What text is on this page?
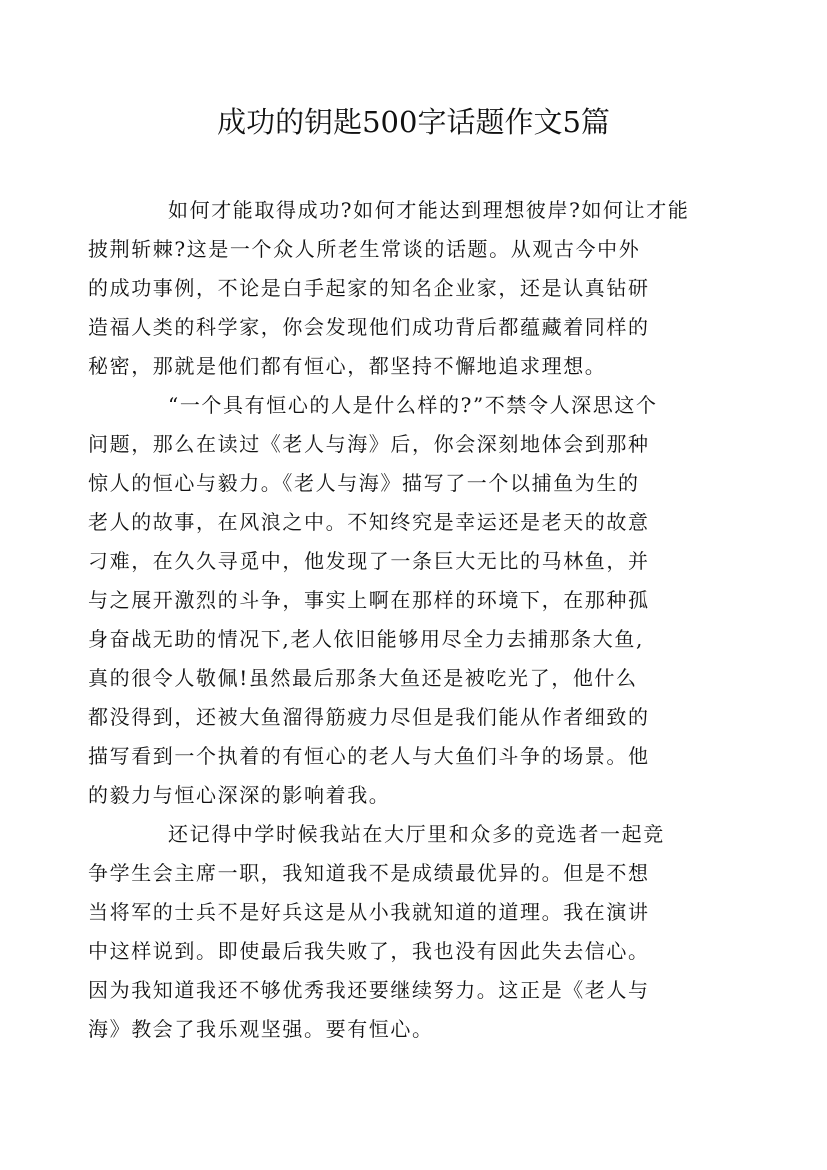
成功的钥匙500字话题作文5篇

如何才能取得成功?如何才能达到理想彼岸?如何让才能
披荆斩棘?这是一个众人所老生常谈的话题。从观古今中外
的成功事例，不论是白手起家的知名企业家，还是认真钻研
造福人类的科学家，你会发现他们成功背后都蕴藏着同样的
秘密，那就是他们都有恒心，都坚持不懈地追求理想。

“一个具有恒心的人是什么样的?”不禁令人深思这个
问题，那么在读过《老人与海》后，你会深刻地体会到那种
惊人的恒心与毅力。《老人与海》描写了一个以捕鱼为生的
老人的故事，在风浪之中。不知终究是幸运还是老天的故意
刁难，在久久寻觅中，他发现了一条巨大无比的马林鱼，并
与之展开激烈的斗争，事实上啊在那样的环境下，在那种孤
身奋战无助的情况下,老人依旧能够用尽全力去捕那条大鱼,
真的很令人敬佩!虽然最后那条大鱼还是被吃光了，他什么
都没得到，还被大鱼溜得筋疲力尽但是我们能从作者细致的
描写看到一个执着的有恒心的老人与大鱼们斗争的场景。他
的毅力与恒心深深的影响着我。

还记得中学时候我站在大厅里和众多的竞选者一起竞
争学生会主席一职，我知道我不是成绩最优异的。但是不想
当将军的士兵不是好兵这是从小我就知道的道理。我在演讲
中这样说到。即使最后我失败了，我也没有因此失去信心。
因为我知道我还不够优秀我还要继续努力。这正是《老人与
海》教会了我乐观坚强。要有恒心。
